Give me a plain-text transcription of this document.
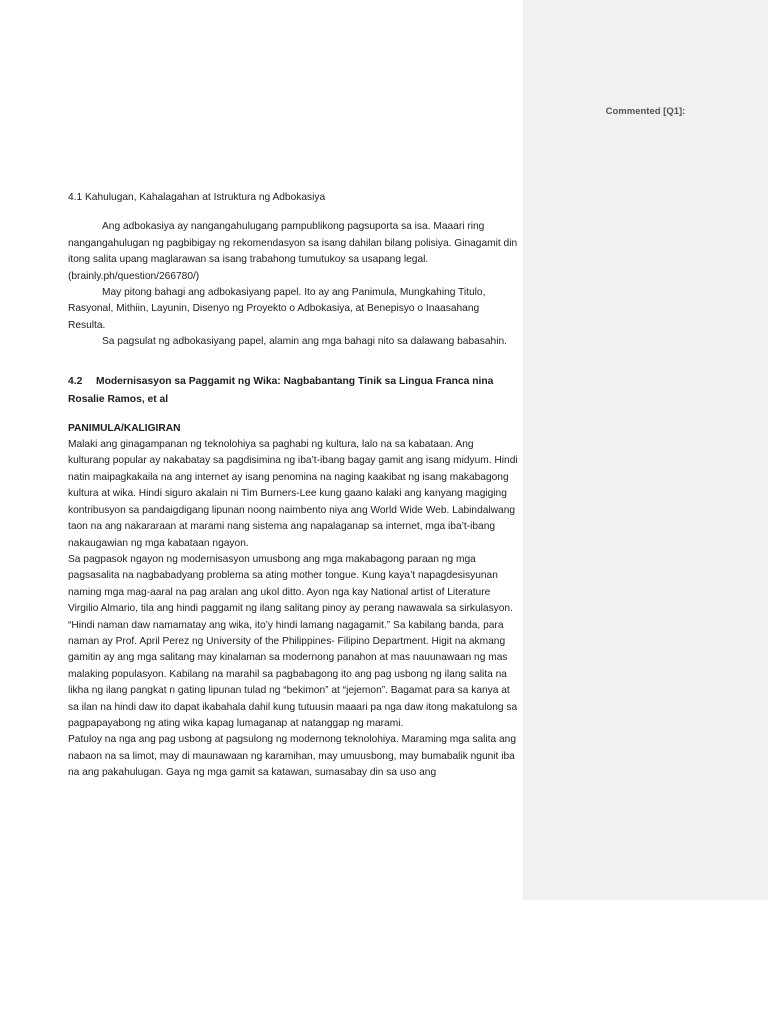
Commented [Q1]:

4.1 Kahulugan, Kahalagahan at Istruktura ng Adbokasiya

Ang adbokasiya ay nangangahulugang pampublikong pagsuporta sa isa. Maaari ring nangangahulugan ng pagbibigay ng rekomendasyon sa isang dahilan bilang polisiya. Ginagamit din itong salita upang maglarawan sa isang trabahong tumutukoy sa usapang legal. (brainly.ph/question/266780/)

May pitong bahagi ang adbokasiyang papel. Ito ay ang Panimula, Mungkahing Titulo, Rasyonal, Mithiin, Layunin, Disenyo ng Proyekto o Adbokasiya, at Benepisyo o Inaasahang Resulta.

Sa pagsulat ng adbokasiyang papel, alamin ang mga bahagi nito sa dalawang babasahin.

4.2 Modernisasyon sa Paggamit ng Wika: Nagbabantang Tinik sa Lingua Franca nina Rosalie Ramos, et al

PANIMULA/KALIGIRAN

Malaki ang ginagampanan ng teknolohiya sa paghabi ng kultura, lalo na sa kabataan. Ang kulturang popular ay nakabatay sa pagdisimina ng iba’t-ibang bagay gamit ang isang midyum. Hindi natin maipagkakaila na ang internet ay isang penomina na naging kaakibat ng isang makabagong kultura at wika. Hindi siguro akalain ni Tim Burners-Lee kung gaano kalaki ang kanyang magiging kontribusyon sa pandaigdigang lipunan noong naimbento niya ang World Wide Web. Labindalwang taon na ang nakararaan at marami nang sistema ang napalaganap sa internet, mga iba’t-ibang nakaugawian ng mga kabataan ngayon.

Sa pagpasok ngayon ng modernisasyon umusbong ang mga makabagong paraan ng mga pagsasalita na nagbabadyang problema sa ating mother tongue. Kung kaya’t napagdesisyunan naming mga mag-aaral na pag aralan ang ukol ditto. Ayon nga kay National artist of Literature Virgilio Almario, tila ang hindi paggamit ng ilang salitang pinoy ay perang nawawala sa sirkulasyon. “Hindi naman daw namamatay ang wika, ito’y hindi lamang nagagamit.” Sa kabilang banda, para naman ay Prof. April Perez ng University of the Philippines- Filipino Department. Higit na akmang gamitin ay ang mga salitang may kinalaman sa modernong panahon at mas nauunawaan ng mas malaking populasyon. Kabilang na marahil sa pagbabagong ito ang pag usbong ng ilang salita na likha ng ilang pangkat n gating lipunan tulad ng “bekimon” at “jejemon”. Bagamat para sa kanya at sa ilan na hindi daw ito dapat ikabahala dahil kung tutuusin maaari pa nga daw itong makatulong sa pagpapayabong ng ating wika kapag lumaganap at natanggap ng marami.

Patuloy na nga ang pag usbong at pagsulong ng modernong teknolohiya. Maraming mga salita ang nabaon na sa limot, may di maunawaan ng karamihan, may umuusbong, may bumabalik ngunit iba na ang pakahulugan. Gaya ng mga gamit sa katawan, sumasabay din sa uso ang
